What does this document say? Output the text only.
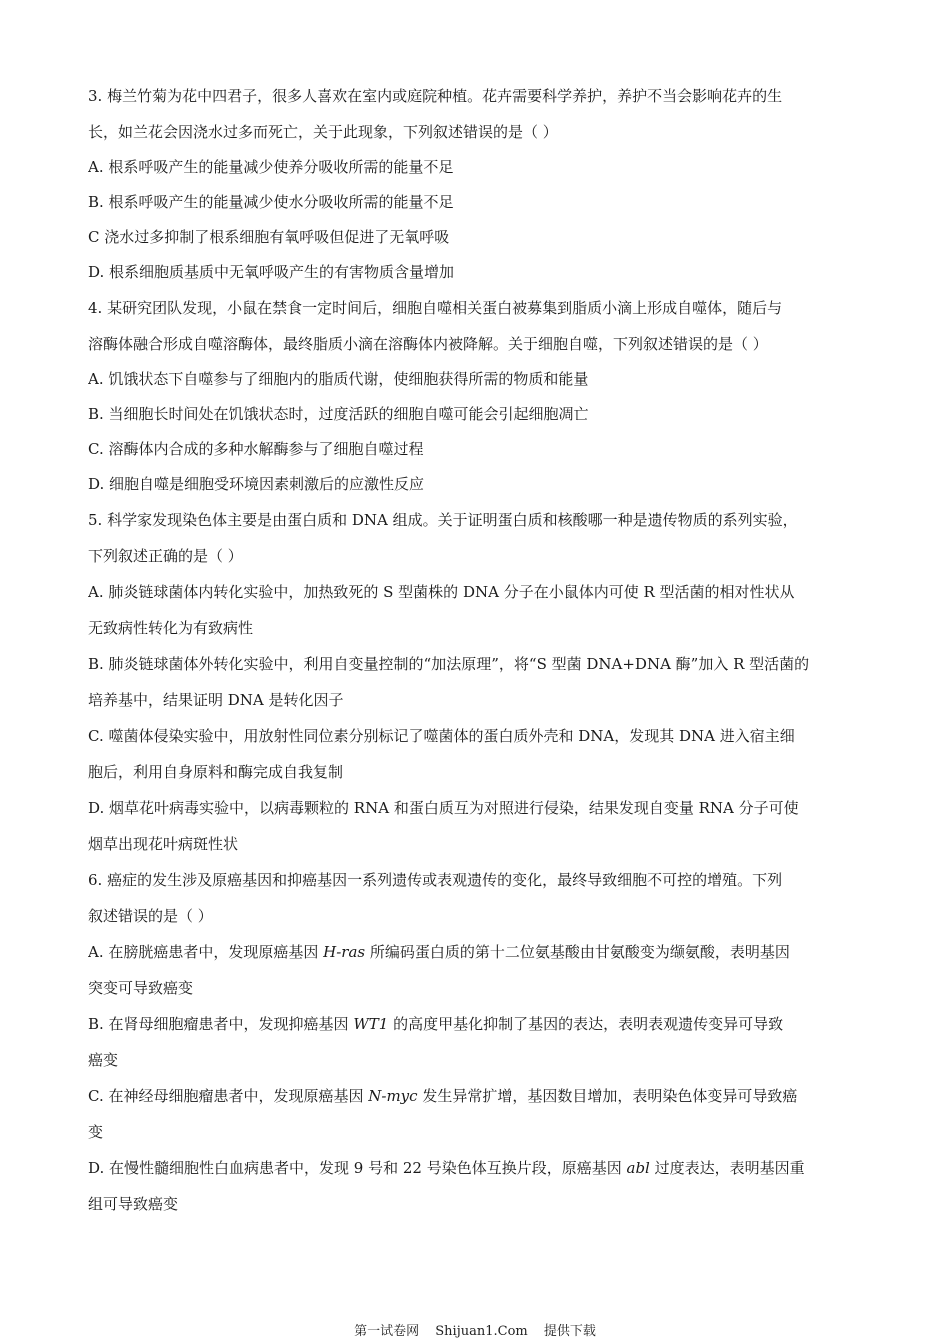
3. 梅兰竹菊为花中四君子，很多人喜欢在室内或庭院种植。花卉需要科学养护，养护不当会影响花卉的生
长，如兰花会因浇水过多而死亡，关于此现象，下列叙述错误的是（ ）
A. 根系呼吸产生的能量减少使养分吸收所需的能量不足
B. 根系呼吸产生的能量减少使水分吸收所需的能量不足
C 浇水过多抑制了根系细胞有氧呼吸但促进了无氧呼吸
D. 根系细胞质基质中无氧呼吸产生的有害物质含量增加
4. 某研究团队发现，小鼠在禁食一定时间后，细胞自噬相关蛋白被募集到脂质小滴上形成自噬体，随后与
溶酶体融合形成自噬溶酶体，最终脂质小滴在溶酶体内被降解。关于细胞自噬，下列叙述错误的是（ ）
A. 饥饿状态下自噬参与了细胞内的脂质代谢，使细胞获得所需的物质和能量
B. 当细胞长时间处在饥饿状态时，过度活跃的细胞自噬可能会引起细胞凋亡
C. 溶酶体内合成的多种水解酶参与了细胞自噬过程
D. 细胞自噬是细胞受环境因素刺激后的应激性反应
5. 科学家发现染色体主要是由蛋白质和 DNA 组成。关于证明蛋白质和核酸哪一种是遗传物质的系列实验，
下列叙述正确的是（ ）
A. 肺炎链球菌体内转化实验中，加热致死的 S 型菌株的 DNA 分子在小鼠体内可使 R 型活菌的相对性状从
无致病性转化为有致病性
B. 肺炎链球菌体外转化实验中，利用自变量控制的“加法原理”，将“S 型菌 DNA+DNA 酶”加入 R 型活菌的
培养基中，结果证明 DNA 是转化因子
C. 噬菌体侵染实验中，用放射性同位素分别标记了噬菌体的蛋白质外壳和 DNA，发现其 DNA 进入宿主细
胞后，利用自身原料和酶完成自我复制
D. 烟草花叶病毒实验中，以病毒颗粒的 RNA 和蛋白质互为对照进行侵染，结果发现自变量 RNA 分子可使
烟草出现花叶病斑性状
6. 癌症的发生涉及原癌基因和抑癌基因一系列遗传或表观遗传的变化，最终导致细胞不可控的增殖。下列
叙述错误的是（ ）
A. 在膀胱癌患者中，发现原癌基因 H-ras 所编码蛋白质的第十二位氨基酸由甘氨酸变为缬氨酸，表明基因
突变可导致癌变
B. 在肾母细胞瘤患者中，发现抑癌基因 WT1 的高度甲基化抑制了基因的表达，表明表观遗传变异可导致
癌变
C. 在神经母细胞瘤患者中，发现原癌基因 N-myc 发生异常扩增，基因数目增加，表明染色体变异可导致癌
变
D. 在慢性髓细胞性白血病患者中，发现 9 号和 22 号染色体互换片段，原癌基因 abl 过度表达，表明基因重
组可导致癌变
第一试卷网 Shijuan1.Com 提供下载
